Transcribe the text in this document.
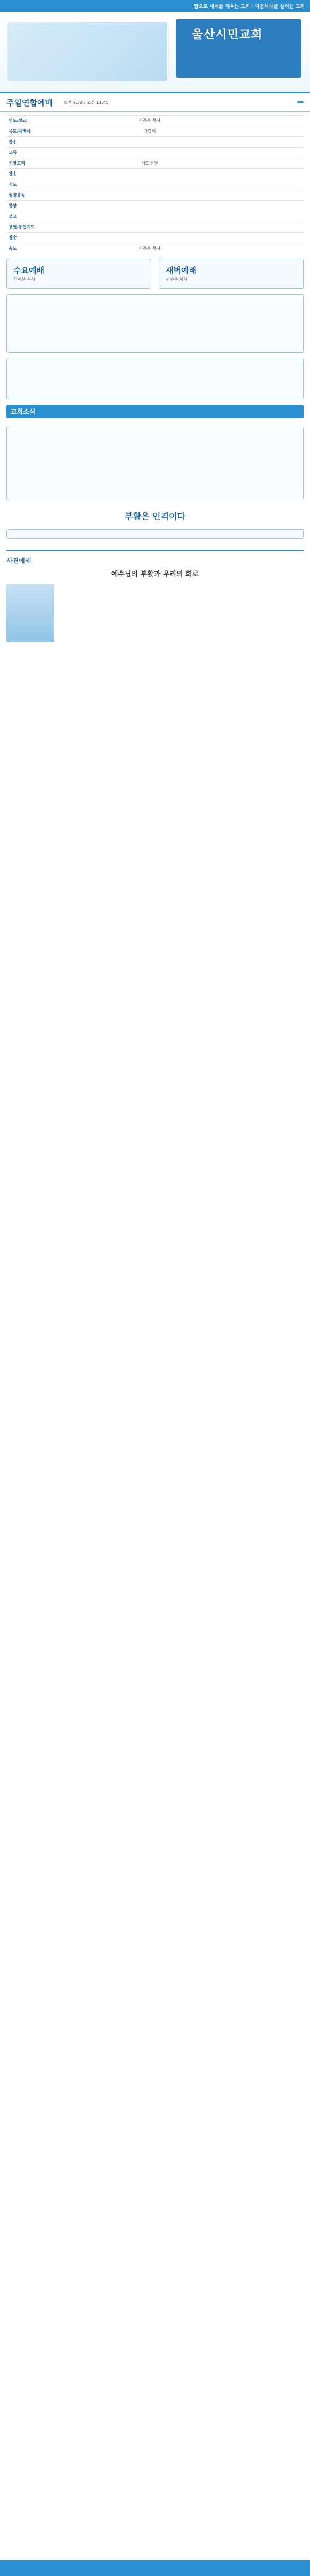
땅으로 세계를 세우는 교회 · 다음세대를 살리는 교회
울산시민교회
주일연합예배	오전 9:30 / 오전 11:45
인도/설교	서종은 목사	
묵도/예배사	다같이	
찬송		
교독		
신앙고백	사도신경	
찬송		
기도		
성경봉독		
찬양		
설교		
봉헌/봉헌기도		
찬송		
축도	서종은 목사	
수요예배
서종은 목사
새벽예배
서종은 목사
교회소식
부활은 인격이다
사진에세
예수님의 부활과 우리의 회로
